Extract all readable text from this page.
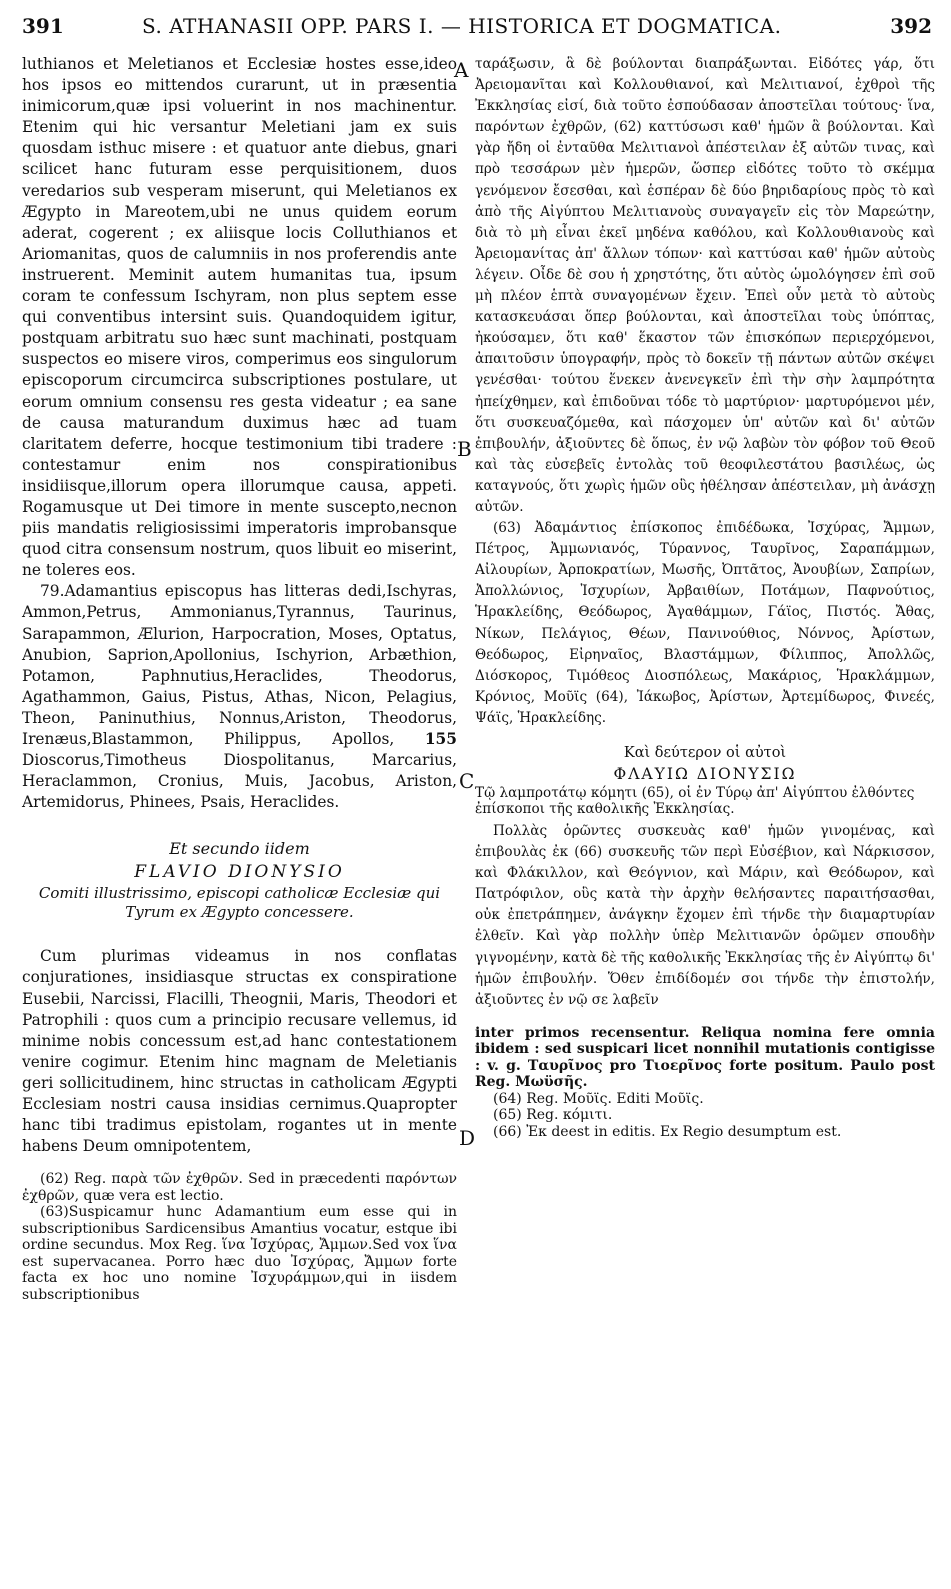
391	S. ATHANASII OPP. PARS I. — HISTORICA ET DOGMATICA.	392
A
B
C
D

luthianos et Meletianos et Ecclesiæ hostes esse,ideo hos ipsos eo mittendos curarunt, ut in præsentia inimicorum,quæ ipsi voluerint in nos machinentur. Etenim qui hic versantur Meletiani jam ex suis quosdam isthuc misere : et quatuor ante diebus, gnari scilicet hanc futuram esse perquisitionem, duos veredarios sub vesperam miserunt, qui Meletianos ex Ægypto in Mareotem,ubi ne unus quidem eorum aderat, cogerent ; ex aliisque locis Colluthianos et Ariomanitas, quos de calumniis in nos proferendis ante instruerent. Meminit autem humanitas tua, ipsum coram te confessum Ischyram, non plus septem esse qui conventibus intersint suis. Quandoquidem igitur, postquam arbitratu suo hæc sunt machinati, postquam suspectos eo misere viros, comperimus eos singulorum episcoporum circumcirca subscriptiones postulare, ut eorum omnium consensu res gesta videatur ; ea sane de causa maturandum duximus hæc ad tuam claritatem deferre, hocque testimonium tibi tradere : contestamur enim nos conspirationibus insidiisque,illorum opera illorumque causa, appeti. Rogamusque ut Dei timore in mente suscepto,necnon piis mandatis religiosissimi imperatoris improbansque quod citra consensum nostrum, quos libuit eo miserint, ne toleres eos.

79.Adamantius episcopus has litteras dedi,Ischyras, Ammon,Petrus, Ammonianus,Tyrannus, Taurinus, Sarapammon, Ælurion, Harpocration, Moses, Optatus, Anubion, Saprion,Apollonius, Ischyrion, Arbæthion, Potamon, Paphnutius,Heraclides, Theodorus, Agathammon, Gaius, Pistus, Athas, Nicon, Pelagius, Theon, Paninuthius, Nonnus,Ariston, Theodorus, Irenæus,Blastammon, Philippus, Apollos, 155 Dioscorus,Timotheus Diospolitanus, Marcarius, Heraclammon, Cronius, Muis, Jacobus, Ariston, Artemidorus, Phinees, Psais, Heraclides.

Et secundo iidem
FLAVIO DIONYSIO
Comiti illustrissimo, episcopi catholicæ Ecclesiæ qui Tyrum ex Ægypto concessere.

Cum plurimas videamus in nos conflatas conjurationes, insidiasque structas ex conspiratione Eusebii, Narcissi, Flacilli, Theognii, Maris, Theodori et Patrophili : quos cum a principio recusare vellemus, id minime nobis concessum est,ad hanc contestationem venire cogimur. Etenim hinc magnam de Meletianis geri sollicitudinem, hinc structas in catholicam Ægypti Ecclesiam nostri causa insidias cernimus.Quapropter hanc tibi tradimus epistolam, rogantes ut in mente habens Deum omnipotentem,

(62) Reg. παρὰ τῶν ἐχθρῶν. Sed in præcedenti παρόντων ἐχθρῶν, quæ vera est lectio.

(63)Suspicamur hunc Adamantium eum esse qui in subscriptionibus Sardicensibus Amantius vocatur, estque ibi ordine secundus. Mox Reg. ἵνα Ἰσχύρας, Ἄμμων.Sed vox ἵνα est supervacanea. Porro hæc duo Ἰσχύρας, Ἄμμων forte facta ex hoc uno nomine Ἰσχυράμμων,qui in iisdem subscriptionibus

ταράξωσιν, ἃ δὲ βούλονται διαπράξωνται. Εἰδότες γάρ, ὅτι Ἀρειομανῖται καὶ Κολλουθιανοί, καὶ Μελιτιανοί, ἐχθροὶ τῆς Ἐκκλησίας εἰσί, διὰ τοῦτο ἐσπούδασαν ἀποστεῖλαι τούτους· ἵνα, παρόντων ἐχθρῶν, (62) καττύσωσι καθ' ἡμῶν ἃ βούλονται. Καὶ γὰρ ἤδη οἱ ἐνταῦθα Μελιτιανοὶ ἀπέστειλαν ἐξ αὐτῶν τινας, καὶ πρὸ τεσσάρων μὲν ἡμερῶν, ὥσπερ εἰδότες τοῦτο τὸ σκέμμα γενόμενον ἔσεσθαι, καὶ ἑσπέραν δὲ δύο βηριδαρίους πρὸς τὸ καὶ ἀπὸ τῆς Αἰγύπτου Μελιτιανοὺς συναγαγεῖν εἰς τὸν Μαρεώτην, διὰ τὸ μὴ εἶναι ἐκεῖ μηδένα καθόλου, καὶ Κολλουθιανοὺς καὶ Ἀρειομανίτας ἀπ' ἄλλων τόπων· καὶ καττύσαι καθ' ἡμῶν αὐτοὺς λέγειν. Οἶδε δὲ σου ἡ χρηστότης, ὅτι αὐτὸς ὡμολόγησεν ἐπὶ σοῦ μὴ πλέον ἑπτὰ συναγομένων ἔχειν. Ἐπεὶ οὖν μετὰ τὸ αὐτοὺς κατασκευάσαι ὅπερ βούλονται, καὶ ἀποστεῖλαι τοὺς ὑπόπτας, ἠκούσαμεν, ὅτι καθ' ἕκαστον τῶν ἐπισκόπων περιερχόμενοι, ἀπαιτοῦσιν ὑπογραφήν, πρὸς τὸ δοκεῖν τῇ πάντων αὐτῶν σκέψει γενέσθαι· τούτου ἕνεκεν ἀνενεγκεῖν ἐπὶ τὴν σὴν λαμπρότητα ἠπείχθημεν, καὶ ἐπιδοῦναι τόδε τὸ μαρτύριον· μαρτυρόμενοι μέν, ὅτι συσκευαζόμεθα, καὶ πάσχομεν ὑπ' αὐτῶν καὶ δι' αὐτῶν ἐπιβουλήν, ἀξιοῦντες δὲ ὅπως, ἐν νῷ λαβὼν τὸν φόβον τοῦ Θεοῦ καὶ τὰς εὐσεβεῖς ἐντολὰς τοῦ θεοφιλεστάτου βασιλέως, ὡς καταγνούς, ὅτι χωρὶς ἡμῶν οὓς ἠθέλησαν ἀπέστειλαν, μὴ ἀνάσχῃ αὐτῶν.

(63) Ἀδαμάντιος ἐπίσκοπος ἐπιδέδωκα, Ἰσχύρας, Ἄμμων, Πέτρος, Ἀμμωνιανός, Τύραννος, Ταυρῖνος, Σαραπάμμων, Αἰλουρίων, Ἀρποκρατίων, Μωσῆς, Ὀπτᾶτος, Ἀνουβίων, Σαπρίων, Ἀπολλώνιος, Ἰσχυρίων, Ἀρβαιθίων, Ποτάμων, Παφνούτιος, Ἡρακλείδης, Θεόδωρος, Ἀγαθάμμων, Γάϊος, Πιστός. Ἄθας, Νίκων, Πελάγιος, Θέων, Πανινούθιος, Νόννος, Ἀρίστων, Θεόδωρος, Εἰρηναῖος, Βλαστάμμων, Φίλιππος, Ἀπολλῶς, Διόσκορος, Τιμόθεος Διοσπόλεως, Μακάριος, Ἡρακλάμμων, Κρόνιος, Μοῦϊς (64), Ἰάκωβος, Ἀρίστων, Ἀρτεμίδωρος, Φινεές, Ψάϊς, Ἡρακλείδης.

Καὶ δεύτερον οἱ αὐτοὶ
ΦΛΑΥΙΩ ΔΙΟΝΥΣΙΩ

Τῷ λαμπροτάτῳ κόμητι (65), οἱ ἐν Τύρῳ ἀπ' Αἰγύπτου ἐλθόντες ἐπίσκοποι τῆς καθολικῆς Ἐκκλησίας.

Πολλὰς ὁρῶντες συσκευὰς καθ' ἡμῶν γινομένας, καὶ ἐπιβουλὰς ἐκ (66) συσκευῆς τῶν περὶ Εὐσέβιον, καὶ Νάρκισσον, καὶ Φλάκιλλον, καὶ Θεόγνιον, καὶ Μάριν, καὶ Θεόδωρον, καὶ Πατρόφιλον, οὓς κατὰ τὴν ἀρχὴν θελήσαντες παραιτήσασθαι, οὐκ ἐπετράπημεν, ἀνάγκην ἔχομεν ἐπὶ τήνδε τὴν διαμαρτυρίαν ἐλθεῖν. Καὶ γὰρ πολλὴν ὑπὲρ Μελιτιανῶν ὁρῶμεν σπουδὴν γιγνομένην, κατὰ δὲ τῆς καθολικῆς Ἐκκλησίας τῆς ἐν Αἰγύπτῳ δι' ἡμῶν ἐπιβουλήν. Ὅθεν ἐπιδίδομέν σοι τήνδε τὴν ἐπιστολήν, ἀξιοῦντες ἐν νῷ σε λαβεῖν

inter primos recensentur. Reliqua nomina fere omnia ibidem : sed suspicari licet nonnihil mutationis contigisse : v. g. Ταυρῖνος pro Τιοερῖνος forte positum. Paulo post Reg. Μωϋσῆς.

(64) Reg. Μοῦϊς. Editi Μοῦϊς.

(65) Reg. κόμιτι.

(66) Ἐκ deest in editis. Ex Regio desumptum est.
